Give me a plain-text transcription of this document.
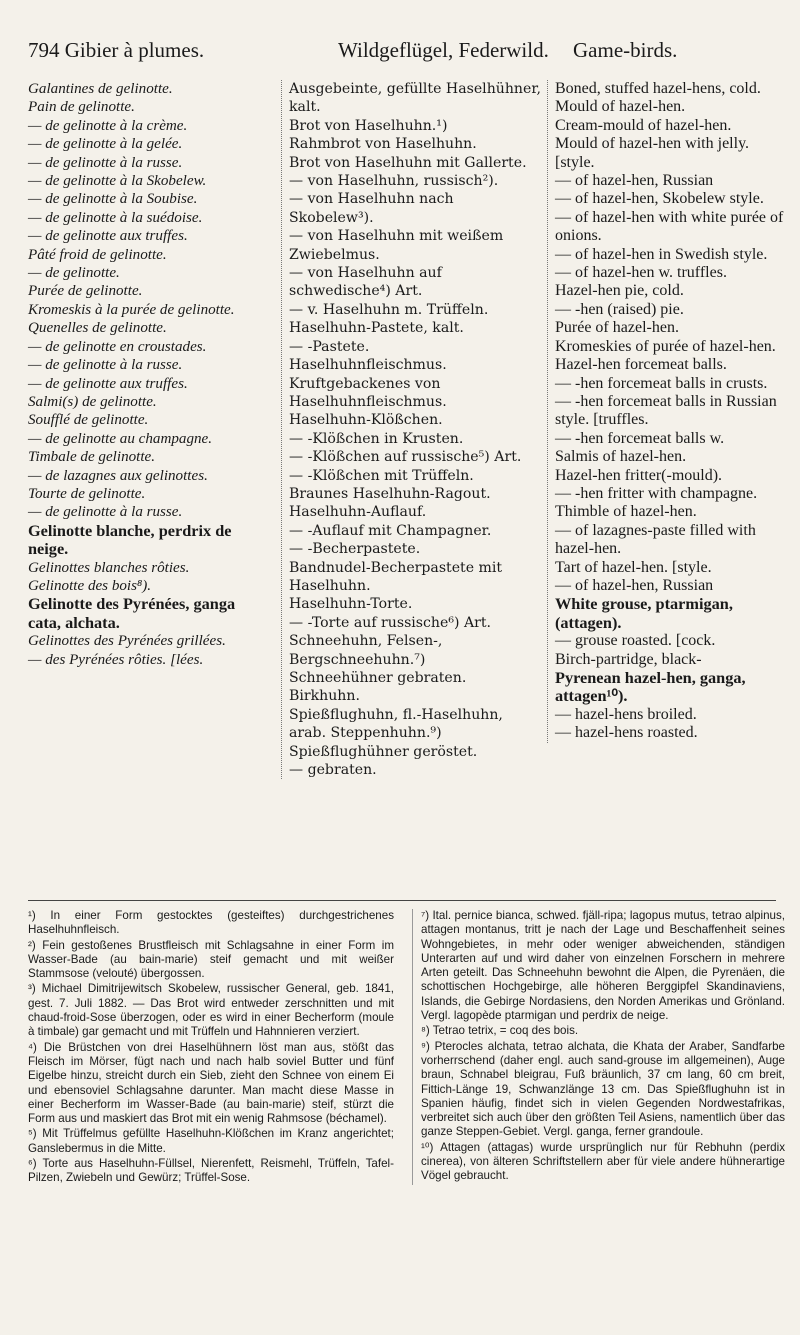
794 Gibier à plumes.	Wildgeflügel, Federwild. Game-birds.

Galantines de gelinotte.

Pain de gelinotte.

— de gelinotte à la crème.

— de gelinotte à la gelée.

— de gelinotte à la russe.

— de gelinotte à la Skobelew.

— de gelinotte à la Soubise.

— de gelinotte à la suédoise.

— de gelinotte aux truffes.

Pâté froid de gelinotte.

— de gelinotte.

Purée de gelinotte.

Kromeskis à la purée de gelinotte.

Quenelles de gelinotte.

— de gelinotte en croustades.

— de gelinotte à la russe.

— de gelinotte aux truffes.

Salmi(s) de gelinotte.

Soufflé de gelinotte.

— de gelinotte au champagne.

Timbale de gelinotte.

— de lazagnes aux gelinottes.

Tourte de gelinotte.

— de gelinotte à la russe.

Gelinotte blanche, perdrix de neige.

Gelinottes blanches rôties.

Gelinotte des bois⁸).

Gelinotte des Pyrénées, ganga cata, alchata.

Gelinottes des Pyrénées grillées.

— des Pyrénées rôties. [lées.

Ausgebeinte, gefüllte Haselhühner, kalt.

Brot von Haselhuhn.¹)

Rahmbrot von Haselhuhn.

Brot von Haselhuhn mit Gallerte.

— von Haselhuhn, russisch²).

— von Haselhuhn nach Skobelew³).

— von Haselhuhn mit weißem Zwiebelmus.

— von Haselhuhn auf schwedische⁴) Art.

— v. Haselhuhn m. Trüffeln.

Haselhuhn-Pastete, kalt.

— -Pastete.

Haselhuhnfleischmus.

Kruftgebackenes von Haselhuhnfleischmus.

Haselhuhn-Klößchen.

— -Klößchen in Krusten.

— -Klößchen auf russische⁵) Art.

— -Klößchen mit Trüffeln.

Braunes Haselhuhn-Ragout.

Haselhuhn-Auflauf.

— -Auflauf mit Champagner.

— -Becherpastete.

Bandnudel-Becherpastete mit Haselhuhn.

Haselhuhn-Torte.

— -Torte auf russische⁶) Art.

Schneehuhn, Felsen-, Bergschneehuhn.⁷)

Schneehühner gebraten.

Birkhuhn.

Spießflughuhn, fl.-Haselhuhn, arab. Steppenhuhn.⁹)

Spießflughühner geröstet.

— gebraten.

Boned, stuffed hazel-hens, cold.

Mould of hazel-hen.

Cream-mould of hazel-hen.

Mould of hazel-hen with jelly. [style.

— of hazel-hen, Russian

— of hazel-hen, Skobelew style.

— of hazel-hen with white purée of onions.

— of hazel-hen in Swedish style.

— of hazel-hen w. truffles.

Hazel-hen pie, cold.

— -hen (raised) pie.

Purée of hazel-hen.

Kromeskies of purée of hazel-hen.

Hazel-hen forcemeat balls.

— -hen forcemeat balls in crusts.

— -hen forcemeat balls in Russian style. [truffles.

— -hen forcemeat balls w.

Salmis of hazel-hen.

Hazel-hen fritter(-mould).

— -hen fritter with champagne.

Thimble of hazel-hen.

— of lazagnes-paste filled with hazel-hen.

Tart of hazel-hen. [style.

— of hazel-hen, Russian

White grouse, ptarmigan, (attagen).

— grouse roasted. [cock.

Birch-partridge, black-

Pyrenean hazel-hen, ganga, attagen¹⁰).

— hazel-hens broiled.

— hazel-hens roasted.

¹) In einer Form gestocktes (gesteiftes) durchgestrichenes Haselhuhnfleisch.

²) Fein gestoßenes Brustfleisch mit Schlagsahne in einer Form im Wasser-Bade (au bain-marie) steif gemacht und mit weißer Stammsose (velouté) übergossen.

³) Michael Dimitrijewitsch Skobelew, russischer General, geb. 1841, gest. 7. Juli 1882. — Das Brot wird entweder zerschnitten und mit chaud-froid-Sose überzogen, oder es wird in einer Becherform (moule à timbale) gar gemacht und mit Trüffeln und Hahnnieren verziert.

⁴) Die Brüstchen von drei Haselhühnern löst man aus, stößt das Fleisch im Mörser, fügt nach und nach halb soviel Butter und fünf Eigelbe hinzu, streicht durch ein Sieb, zieht den Schnee von einem Ei und ebensoviel Schlagsahne darunter. Man macht diese Masse in einer Becherform im Wasser-Bade (au bain-marie) steif, stürzt die Form aus und maskiert das Brot mit ein wenig Rahmsose (béchamel).

⁵) Mit Trüffelmus gefüllte Haselhuhn-Klößchen im Kranz angerichtet; Ganslebermus in die Mitte.

⁶) Torte aus Haselhuhn-Füllsel, Nierenfett, Reismehl, Trüffeln, Tafel-Pilzen, Zwiebeln und Gewürz; Trüffel-Sose.

⁷) Ital. pernice bianca, schwed. fjäll-ripa; lagopus mutus, tetrao alpinus, attagen montanus, tritt je nach der Lage und Beschaffenheit seines Wohngebietes, in mehr oder weniger abweichenden, ständigen Unterarten auf und wird daher von einzelnen Forschern in mehrere Arten geteilt. Das Schneehuhn bewohnt die Alpen, die Pyrenäen, die schottischen Hochgebirge, alle höheren Berggipfel Skandinaviens, Islands, die Gebirge Nordasiens, den Norden Amerikas und Grönland. Vergl. lagopède ptarmigan und perdrix de neige.

⁸) Tetrao tetrix, = coq des bois.

⁹) Pterocles alchata, tetrao alchata, die Khata der Araber, Sandfarbe vorherrschend (daher engl. auch sand-grouse im allgemeinen), Auge braun, Schnabel bleigrau, Fuß bräunlich, 37 cm lang, 60 cm breit, Fittich-Länge 19, Schwanzlänge 13 cm. Das Spießflughuhn ist in Spanien häufig, findet sich in vielen Gegenden Nordwestafrikas, verbreitet sich auch über den größten Teil Asiens, namentlich über das ganze Steppen-Gebiet. Vergl. ganga, ferner grandoule.

¹⁰) Attagen (attagas) wurde ursprünglich nur für Rebhuhn (perdix cinerea), von älteren Schriftstellern aber für viele andere hühnerartige Vögel gebraucht.
